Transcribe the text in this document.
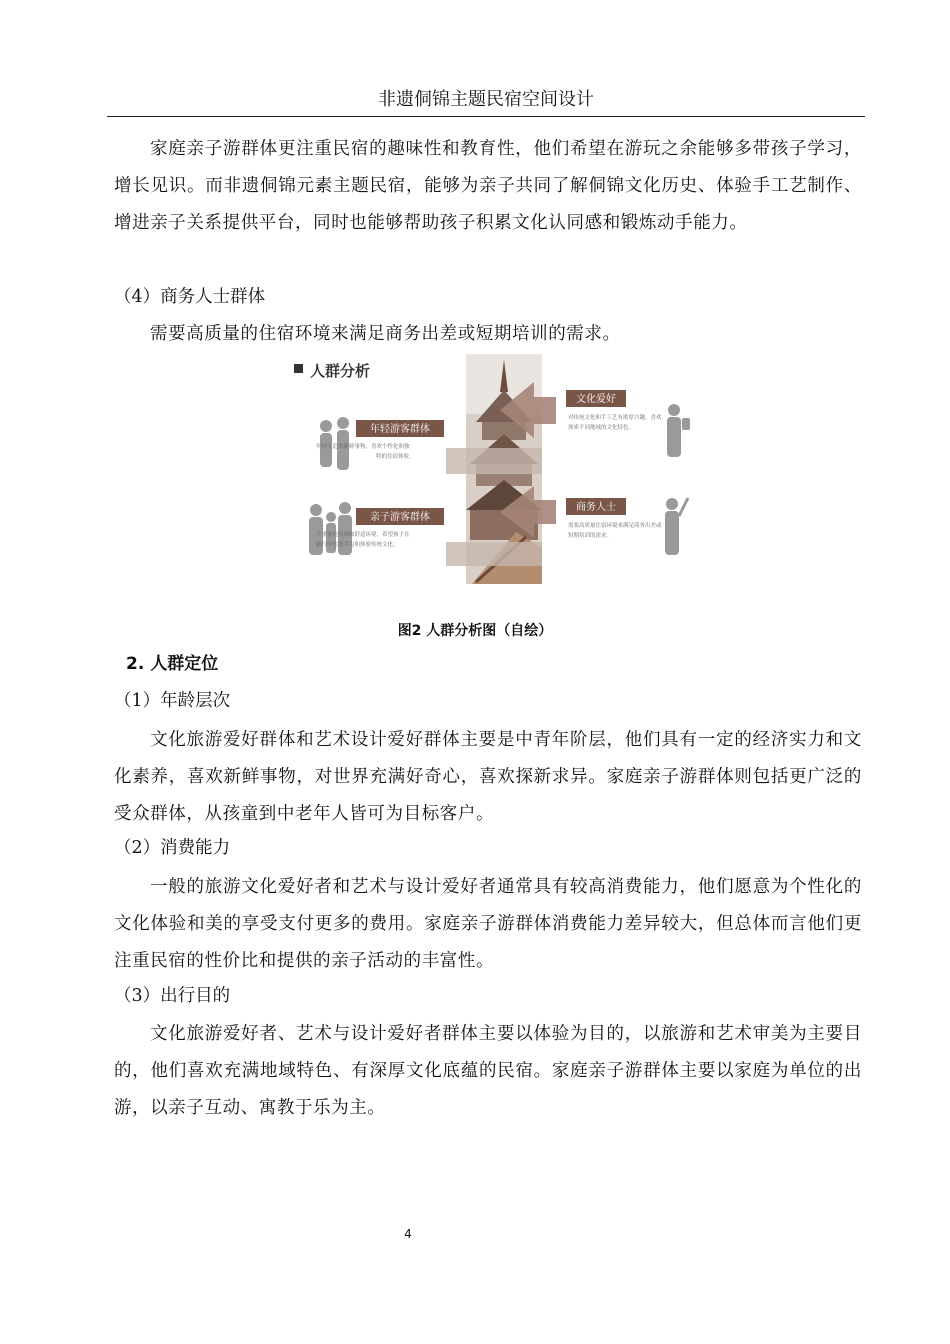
非遗侗锦主题民宿空间设计

家庭亲子游群体更注重民宿的趣味性和教育性，他们希望在游玩之余能够多带孩子学习，增长见识。而非遗侗锦元素主题民宿，能够为亲子共同了解侗锦文化历史、体验手工艺制作、增进亲子关系提供平台，同时也能够帮助孩子积累文化认同感和锻炼动手能力。

（4）商务人士群体

需要高质量的住宿环境来满足商务出差或短期培训的需求。

人群分析
年轻游客群体
年轻人追求新鲜事物，喜欢个性化和独
特的住宿体验。
亲子游客群体
注重家庭氛围和舒适环境，希望孩子在
旅行中也能学习和体验传统文化。
文化爱好
对传统文化和手工艺有浓厚兴趣，喜欢
探索不同地域的文化特色。
商务人士
需要高质量住宿环境来满足商务出差或
短期培训的需求。
图2 人群分析图（自绘）

2. 人群定位

（1）年龄层次

文化旅游爱好群体和艺术设计爱好群体主要是中青年阶层，他们具有一定的经济实力和文化素养，喜欢新鲜事物，对世界充满好奇心，喜欢探新求异。家庭亲子游群体则包括更广泛的受众群体，从孩童到中老年人皆可为目标客户。

（2）消费能力

一般的旅游文化爱好者和艺术与设计爱好者通常具有较高消费能力，他们愿意为个性化的文化体验和美的享受支付更多的费用。家庭亲子游群体消费能力差异较大，但总体而言他们更注重民宿的性价比和提供的亲子活动的丰富性。

（3）出行目的

文化旅游爱好者、艺术与设计爱好者群体主要以体验为目的，以旅游和艺术审美为主要目的，他们喜欢充满地域特色、有深厚文化底蕴的民宿。家庭亲子游群体主要以家庭为单位的出游，以亲子互动、寓教于乐为主。

4
